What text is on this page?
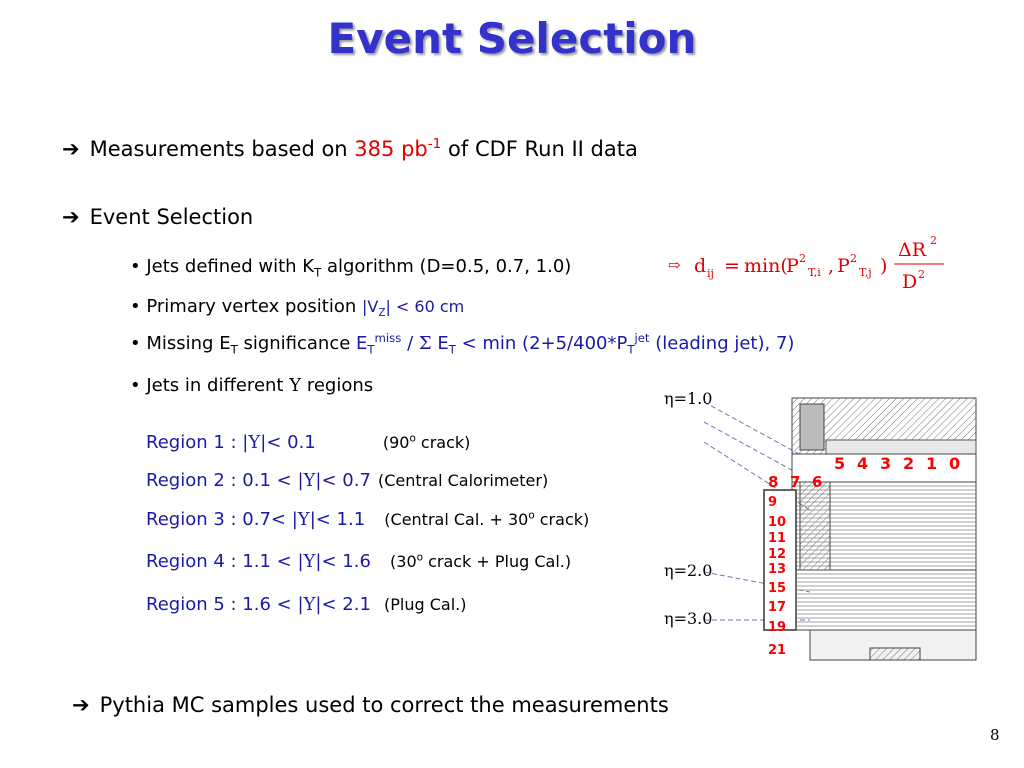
Event Selection
➔ Measurements based on 385 $pb^{-1}$ of CDF Run II data
➔ Event Selection
• Jets defined with $K_T$ algorithm (D=0.5, 0.7, 1.0)	⇨ d ij = min(
P 2
T,i , P 2
T,j )
ΔR 2
D 2
• Primary vertex position $|V_Z| < 60$ cm
• Missing $E_T$ significance $E_T^{miss}$ / Σ $E_T < \min (2+5/400*P_T^{jet}$ (leading jet), 7)
• Jets in different Y regions
Region 1 : |Y|< 0.1	(90$^o$ crack)
Region 2 : 0.1 < |Y|< 0.7 (Central Calorimeter)
Region 3 : 0.7< |Y|< 1.1 (Central Cal. + $30^o$ crack)
Region 4 : 1.1 < |Y|< 1.6 (30$^o$ crack + Plug Cal.)
Region 5 : 1.6 < |Y|< 2.1 (Plug Cal.)
η=1.0
η=2.0
η=3.0
5 4 3 2 1 0
8 7 6
9
10
11
12
13
15
17
19
21
➔ Pythia MC samples used to correct the measurements
8
